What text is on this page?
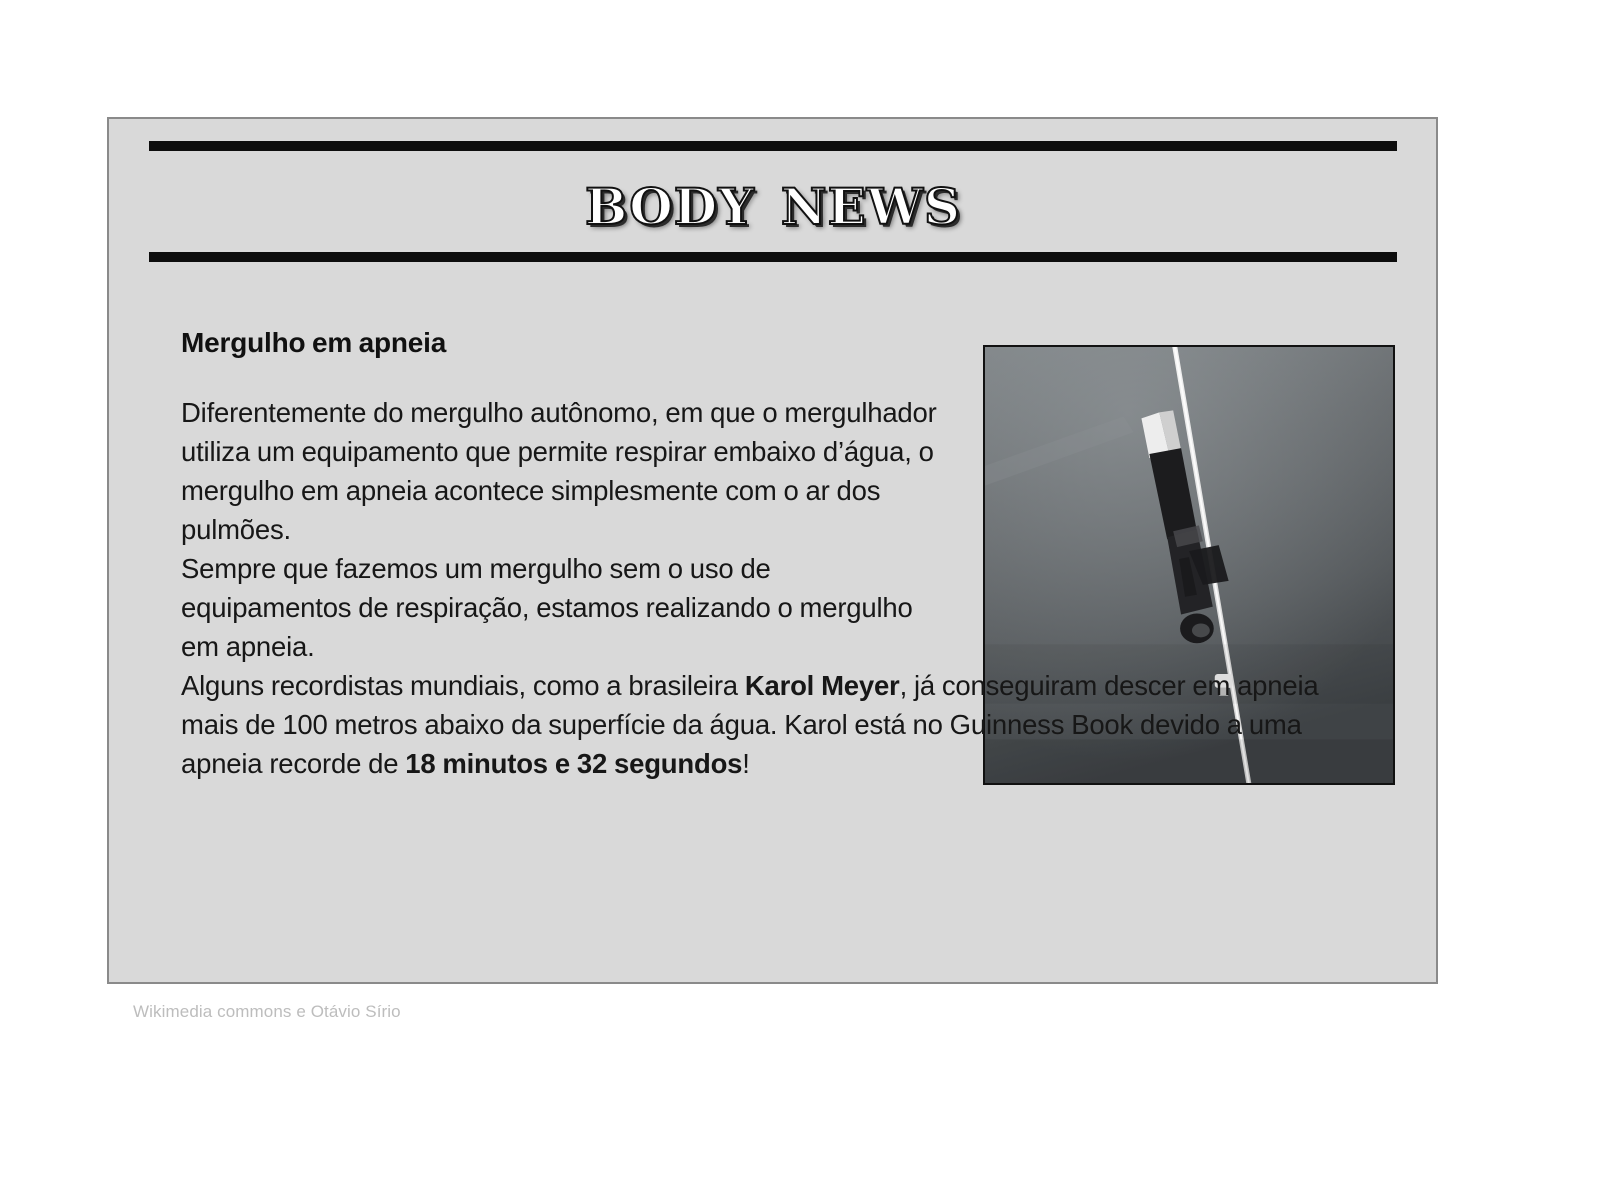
body news
Mergulho em apneia

Diferentemente do mergulho autônomo, em que o mergulhador utiliza um equipamento que permite respirar embaixo d’água, o mergulho em apneia acontece simplesmente com o ar dos pulmões.

Sempre que fazemos um mergulho sem o uso de equipamentos de respiração, estamos realizando o mergulho em apneia.

Alguns recordistas mundiais, como a brasileira Karol Meyer, já conseguiram descer em apneia mais de 100 metros abaixo da superfície da água. Karol está no Guinness Book devido a uma apneia recorde de 18 minutos e 32 segundos!

Wikimedia commons e Otávio Sírio
